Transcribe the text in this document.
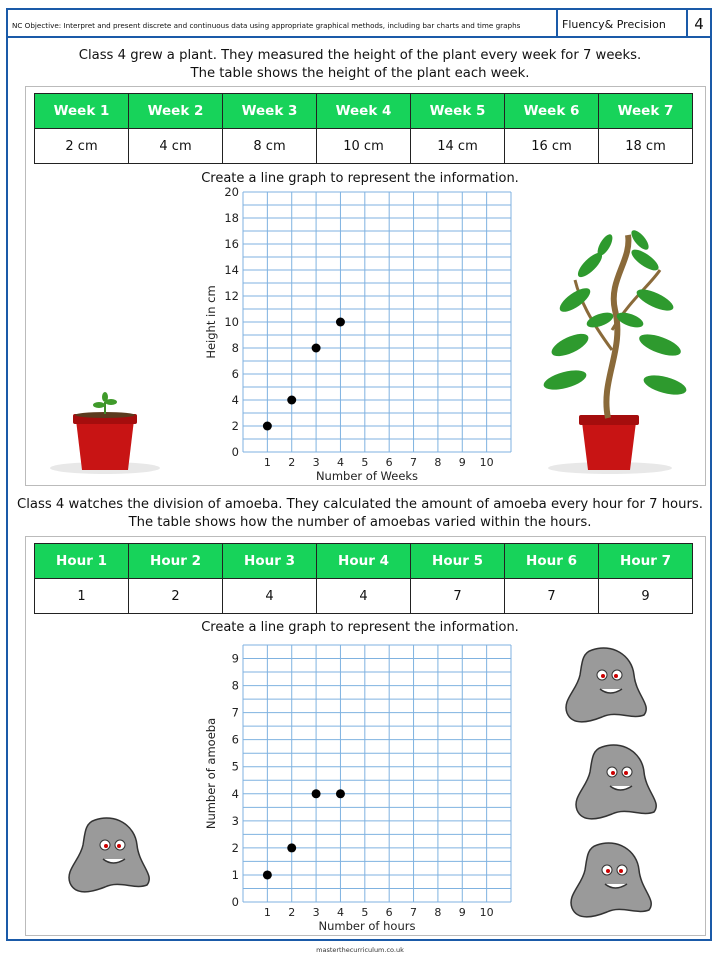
NC Objective: Interpret and present discrete and continuous data using appropriate graphical methods, including bar charts and time graphs	Fluency& Precision	4
Class 4 grew a plant. They measured the height of the plant every week for 7 weeks.
The table shows the height of the plant each week.
Week 1	Week 2	Week 3	Week 4	Week 5	Week 6	Week 7
2 cm	4 cm	8 cm	10 cm	14 cm	16 cm	18 cm
Create a line graph to represent the information.
Class 4 watches the division of amoeba. They calculated the amount of amoeba every hour for 7 hours.
The table shows how the number of amoebas varied within the hours.
Hour 1	Hour 2	Hour 3	Hour 4	Hour 5	Hour 6	Hour 7
1	2	4	4	7	7	9
Create a line graph to represent the information.
1 2 3 4 5 6 7 8 9 10
0
2
4
6
8
10
12
14
16
18
20
Number of Weeks
Height in cm
1 2 3 4 5 6 7 8 9 10
0
1
2
3
4
5
6
7
8
9
Number of hours
Number of amoeba
masterthecurriculum.co.uk
